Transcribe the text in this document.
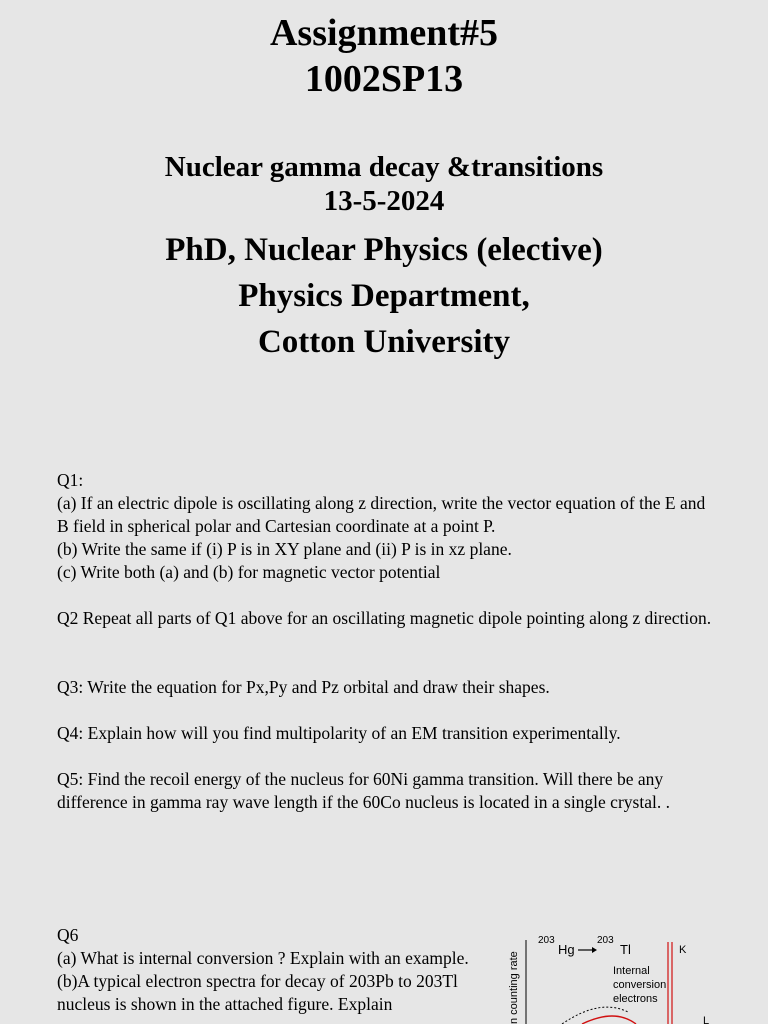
Assignment#5
1002SP13
Nuclear gamma decay &transitions
13-5-2024
PhD, Nuclear Physics (elective)
Physics Department,
Cotton University
Q1:
(a) If an electric dipole is oscillating along z direction, write the vector equation of the E and B field in spherical polar and Cartesian coordinate at a point P.
(b) Write the same if (i) P is in XY plane and (ii) P is in xz plane.
(c) Write both (a) and (b) for magnetic vector potential
Q2 Repeat all parts of Q1 above for an oscillating magnetic dipole pointing along z direction.
Q3: Write the equation for Px,Py and Pz orbital and draw their shapes.
Q4: Explain how will you find multipolarity of an EM transition experimentally.
Q5: Find the recoil energy of the nucleus for 60Ni gamma transition. Will there be any difference in gamma ray wave length if the 60Co nucleus is located in a single crystal. .
Q6
(a) What is internal conversion ? Explain with an example.
(b)A typical electron spectra for decay of 203Pb to 203Tl nucleus is shown in the attached figure. Explain	n counting rate
203
Hg
203
Tl	K
L
Internal
conversion
electrons
